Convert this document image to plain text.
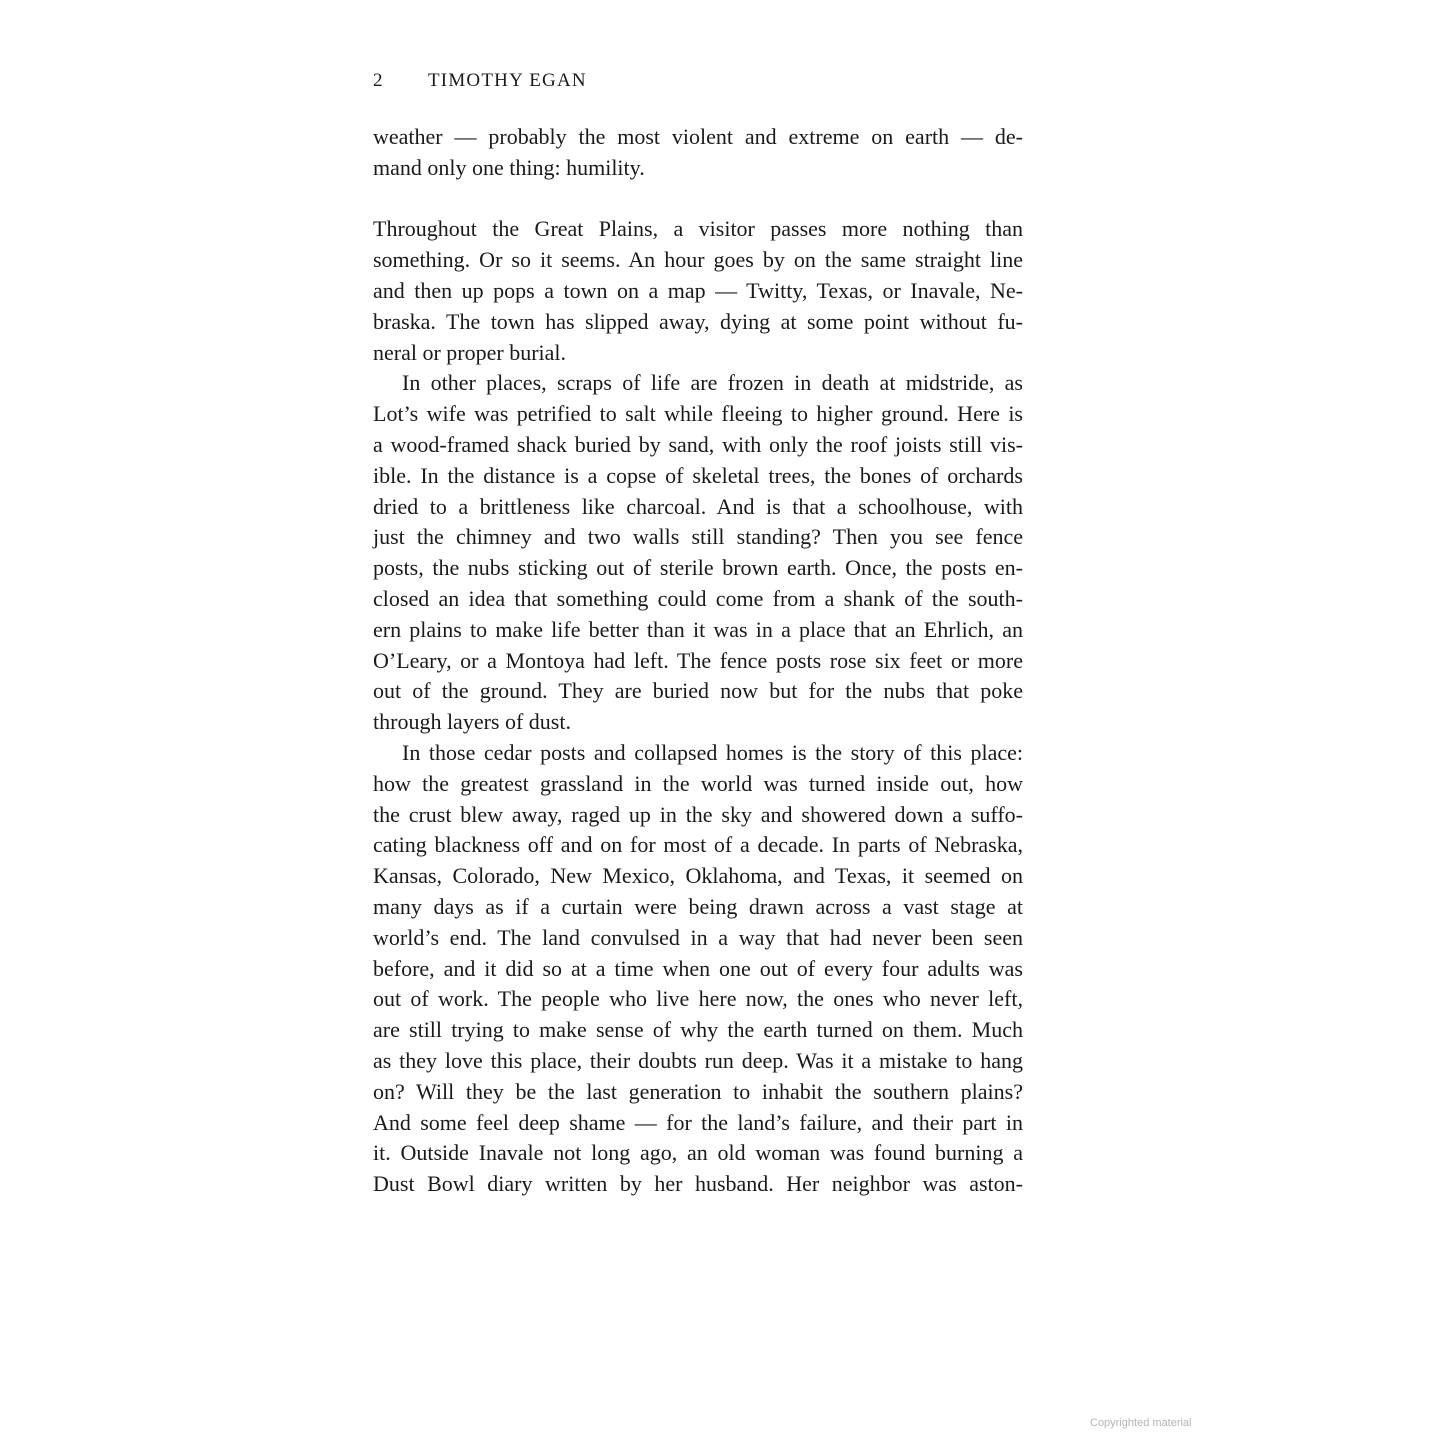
2 TIMOTHY EGAN
weather — probably the most violent and extreme on earth — de-
mand only one thing: humility.
Throughout the Great Plains, a visitor passes more nothing than
something. Or so it seems. An hour goes by on the same straight line
and then up pops a town on a map — Twitty, Texas, or Inavale, Ne-
braska. The town has slipped away, dying at some point without fu-
neral or proper burial.
In other places, scraps of life are frozen in death at midstride, as
Lot’s wife was petrified to salt while fleeing to higher ground. Here is
a wood-framed shack buried by sand, with only the roof joists still vis-
ible. In the distance is a copse of skeletal trees, the bones of orchards
dried to a brittleness like charcoal. And is that a schoolhouse, with
just the chimney and two walls still standing? Then you see fence
posts, the nubs sticking out of sterile brown earth. Once, the posts en-
closed an idea that something could come from a shank of the south-
ern plains to make life better than it was in a place that an Ehrlich, an
O’Leary, or a Montoya had left. The fence posts rose six feet or more
out of the ground. They are buried now but for the nubs that poke
through layers of dust.
In those cedar posts and collapsed homes is the story of this place:
how the greatest grassland in the world was turned inside out, how
the crust blew away, raged up in the sky and showered down a suffo-
cating blackness off and on for most of a decade. In parts of Nebraska,
Kansas, Colorado, New Mexico, Oklahoma, and Texas, it seemed on
many days as if a curtain were being drawn across a vast stage at
world’s end. The land convulsed in a way that had never been seen
before, and it did so at a time when one out of every four adults was
out of work. The people who live here now, the ones who never left,
are still trying to make sense of why the earth turned on them. Much
as they love this place, their doubts run deep. Was it a mistake to hang
on? Will they be the last generation to inhabit the southern plains?
And some feel deep shame — for the land’s failure, and their part in
it. Outside Inavale not long ago, an old woman was found burning a
Dust Bowl diary written by her husband. Her neighbor was aston-
Copyrighted material
